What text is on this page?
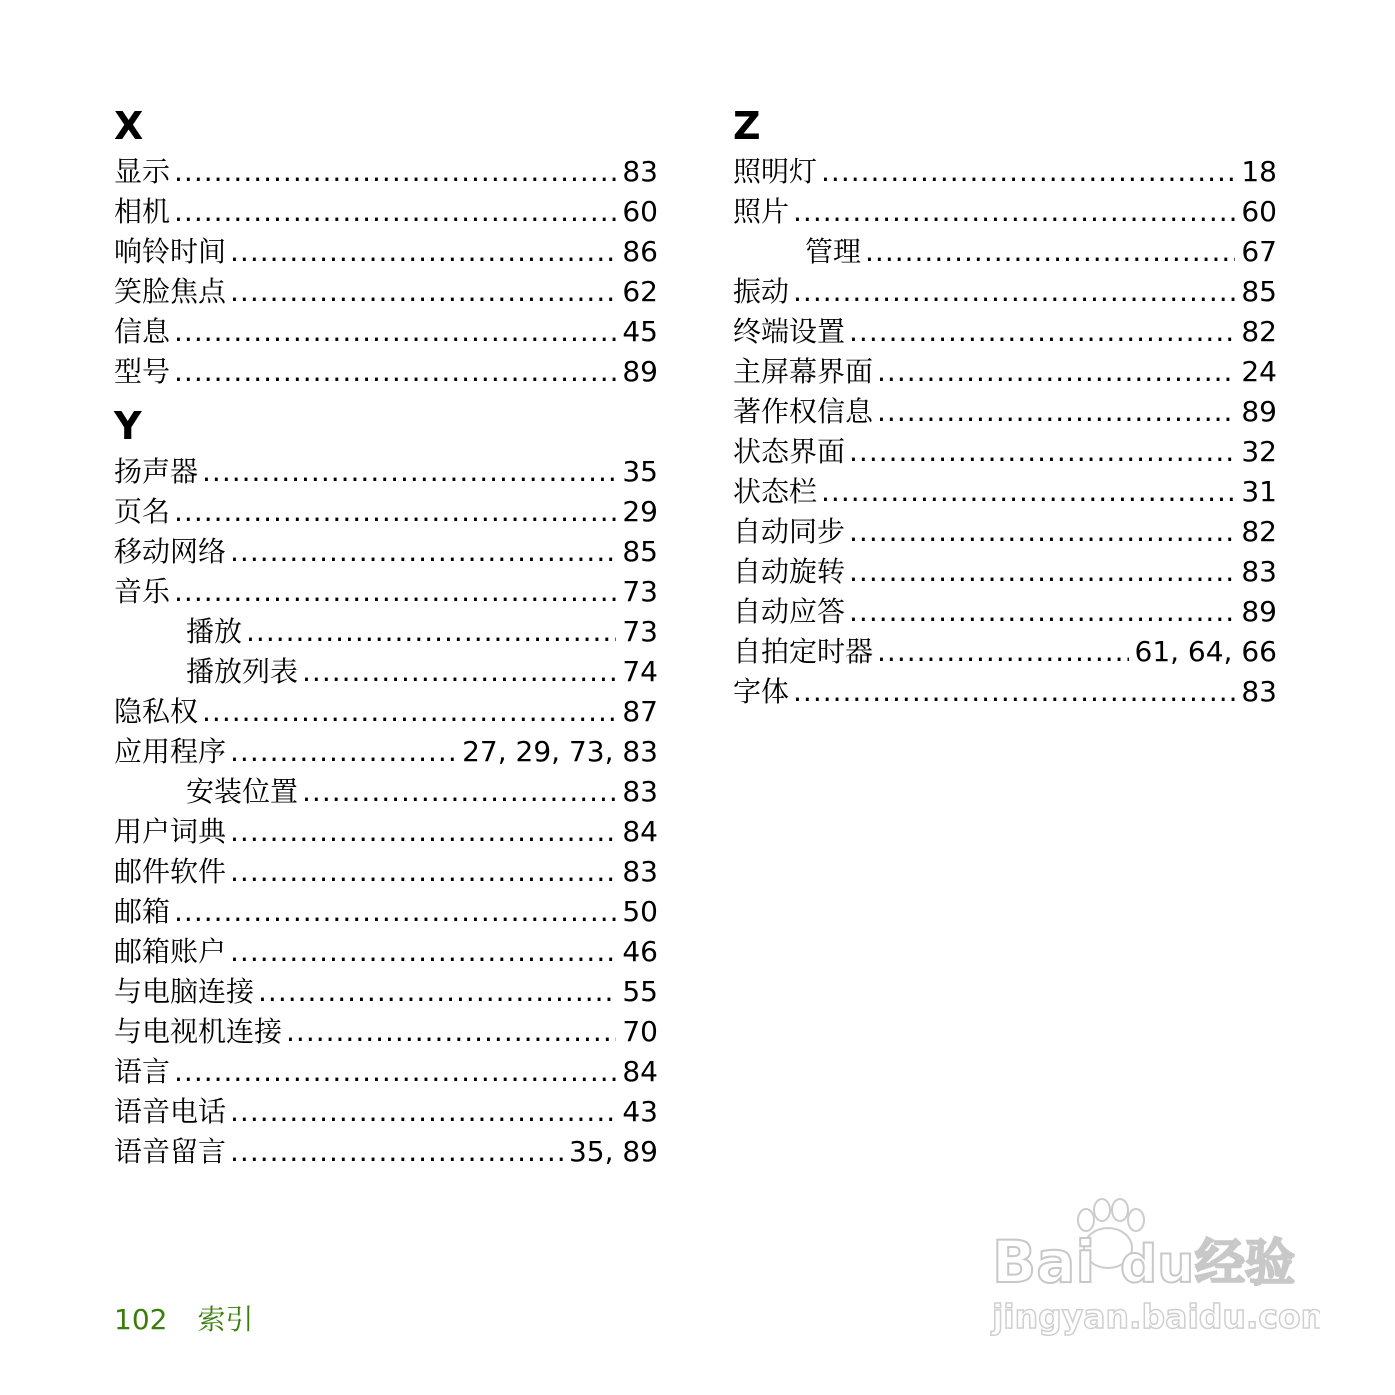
X
显示 .....	83
相机 .....	60
响铃时间 .....	86
笑脸焦点 .....	62
信息 .....	45
型号 .....	89
Y
扬声器 .....	35
页名 .....	29
移动网络 .....	85
音乐 .....	73
播放 .....	73
播放列表 .....	74
隐私权 .....	87
应用程序 .....	27, 29, 73, 83
安装位置 .....	83
用户词典 .....	84
邮件软件 .....	83
邮箱 .....	50
邮箱账户 .....	46
与电脑连接 .....	55
与电视机连接 .....	70
语言 .....	84
语音电话 .....	43
语音留言 .....	35, 89
Z
照明灯 .....	18
照片 .....	60
管理 .....	67
振动 .....	85
终端设置 .....	82
主屏幕界面 .....	24
著作权信息 .....	89
状态界面 .....	32
状态栏 .....	31
自动同步 .....	82
自动旋转 .....	83
自动应答 .....	89
自拍定时器 .....	61, 64, 66
字体 .....	83
102 索引
Bai du 经验
jingyan.baidu.com
